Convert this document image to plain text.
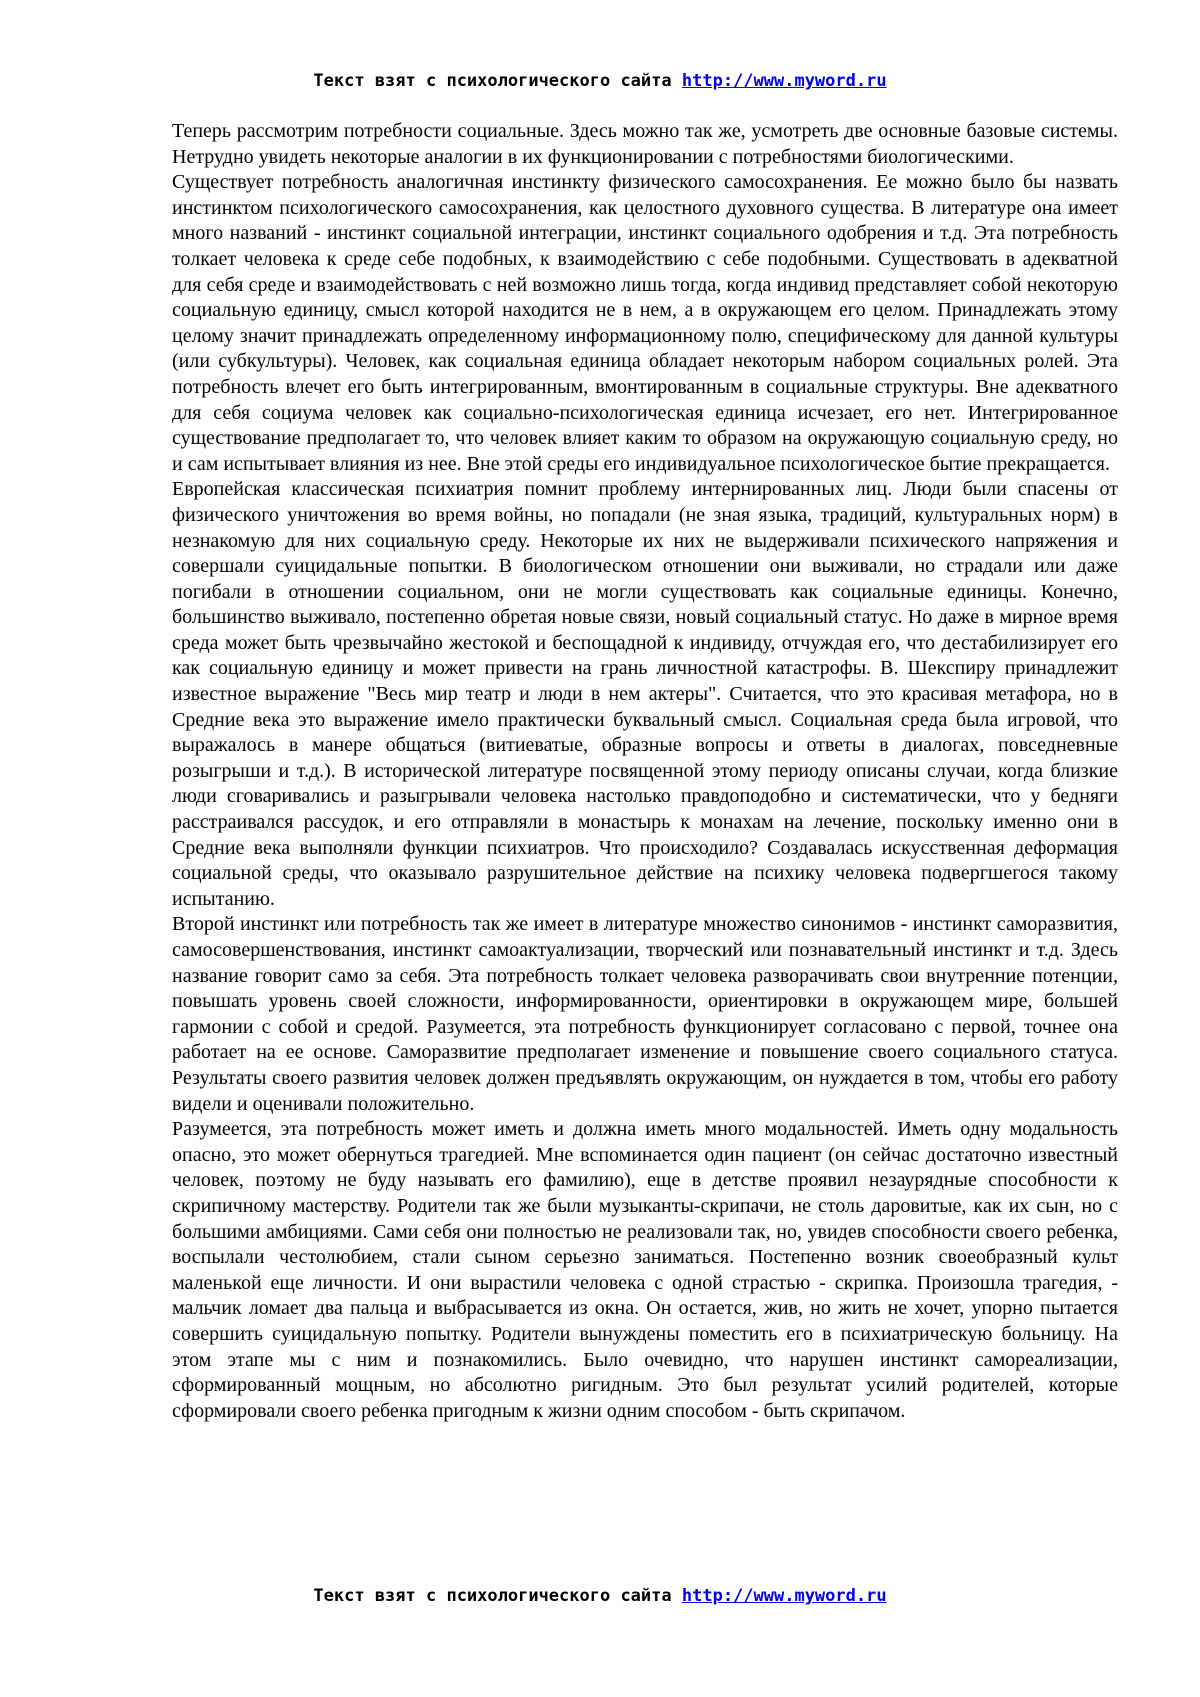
Текст взят с психологического сайта http://www.myword.ru

Теперь рассмотрим потребности социальные. Здесь можно так же, усмотреть две основные базовые системы. Нетрудно увидеть некоторые аналогии в их функционировании с потребностями биологическими.

Существует потребность аналогичная инстинкту физического самосохранения. Ее можно было бы назвать инстинктом психологического самосохранения, как целостного духовного существа. В литературе она имеет много названий - инстинкт социальной интеграции, инстинкт социального одобрения и т.д. Эта потребность толкает человека к среде себе подобных, к взаимодействию с себе подобными. Существовать в адекватной для себя среде и взаимодействовать с ней возможно лишь тогда, когда индивид представляет собой некоторую социальную единицу, смысл которой находится не в нем, а в окружающем его целом. Принадлежать этому целому значит принадлежать определенному информационному полю, специфическому для данной культуры (или субкультуры). Человек, как социальная единица обладает некоторым набором социальных ролей. Эта потребность влечет его быть интегрированным, вмонтированным в социальные структуры. Вне адекватного для себя социума человек как социально-психологическая единица исчезает, его нет. Интегрированное существование предполагает то, что человек влияет каким то образом на окружающую социальную среду, но и сам испытывает влияния из нее. Вне этой среды его индивидуальное психологическое бытие прекращается.

Европейская классическая психиатрия помнит проблему интернированных лиц. Люди были спасены от физического уничтожения во время войны, но попадали (не зная языка, традиций, культуральных норм) в незнакомую для них социальную среду. Некоторые их них не выдерживали психического напряжения и совершали суицидальные попытки. В биологическом отношении они выживали, но страдали или даже погибали в отношении социальном, они не могли существовать как социальные единицы. Конечно, большинство выживало, постепенно обретая новые связи, новый социальный статус. Но даже в мирное время среда может быть чрезвычайно жестокой и беспощадной к индивиду, отчуждая его, что дестабилизирует его как социальную единицу и может привести на грань личностной катастрофы. В. Шекспиру принадлежит известное выражение "Весь мир театр и люди в нем актеры". Считается, что это красивая метафора, но в Средние века это выражение имело практически буквальный смысл. Социальная среда была игровой, что выражалось в манере общаться (витиеватые, образные вопросы и ответы в диалогах, повседневные розыгрыши и т.д.). В исторической литературе посвященной этому периоду описаны случаи, когда близкие люди сговаривались и разыгрывали человека настолько правдоподобно и систематически, что у бедняги расстраивался рассудок, и его отправляли в монастырь к монахам на лечение, поскольку именно они в Средние века выполняли функции психиатров. Что происходило? Создавалась искусственная деформация социальной среды, что оказывало разрушительное действие на психику человека подвергшегося такому испытанию.

Второй инстинкт или потребность так же имеет в литературе множество синонимов - инстинкт саморазвития, самосовершенствования, инстинкт самоактуализации, творческий или познавательный инстинкт и т.д. Здесь название говорит само за себя. Эта потребность толкает человека разворачивать свои внутренние потенции, повышать уровень своей сложности, информированности, ориентировки в окружающем мире, большей гармонии с собой и средой. Разумеется, эта потребность функционирует согласовано с первой, точнее она работает на ее основе. Саморазвитие предполагает изменение и повышение своего социального статуса. Результаты своего развития человек должен предъявлять окружающим, он нуждается в том, чтобы его работу видели и оценивали положительно.

Разумеется, эта потребность может иметь и должна иметь много модальностей. Иметь одну модальность опасно, это может обернуться трагедией. Мне вспоминается один пациент (он сейчас достаточно известный человек, поэтому не буду называть его фамилию), еще в детстве проявил незаурядные способности к скрипичному мастерству. Родители так же были музыканты-скрипачи, не столь даровитые, как их сын, но с большими амбициями. Сами себя они полностью не реализовали так, но, увидев способности своего ребенка, воспылали честолюбием, стали сыном серьезно заниматься. Постепенно возник своеобразный культ маленькой еще личности. И они вырастили человека с одной страстью - скрипка. Произошла трагедия, - мальчик ломает два пальца и выбрасывается из окна. Он остается, жив, но жить не хочет, упорно пытается совершить суицидальную попытку. Родители вынуждены поместить его в психиатрическую больницу. На этом этапе мы с ним и познакомились. Было очевидно, что нарушен инстинкт самореализации, сформированный мощным, но абсолютно ригидным. Это был результат усилий родителей, которые сформировали своего ребенка пригодным к жизни одним способом - быть скрипачом.

Текст взят с психологического сайта http://www.myword.ru
